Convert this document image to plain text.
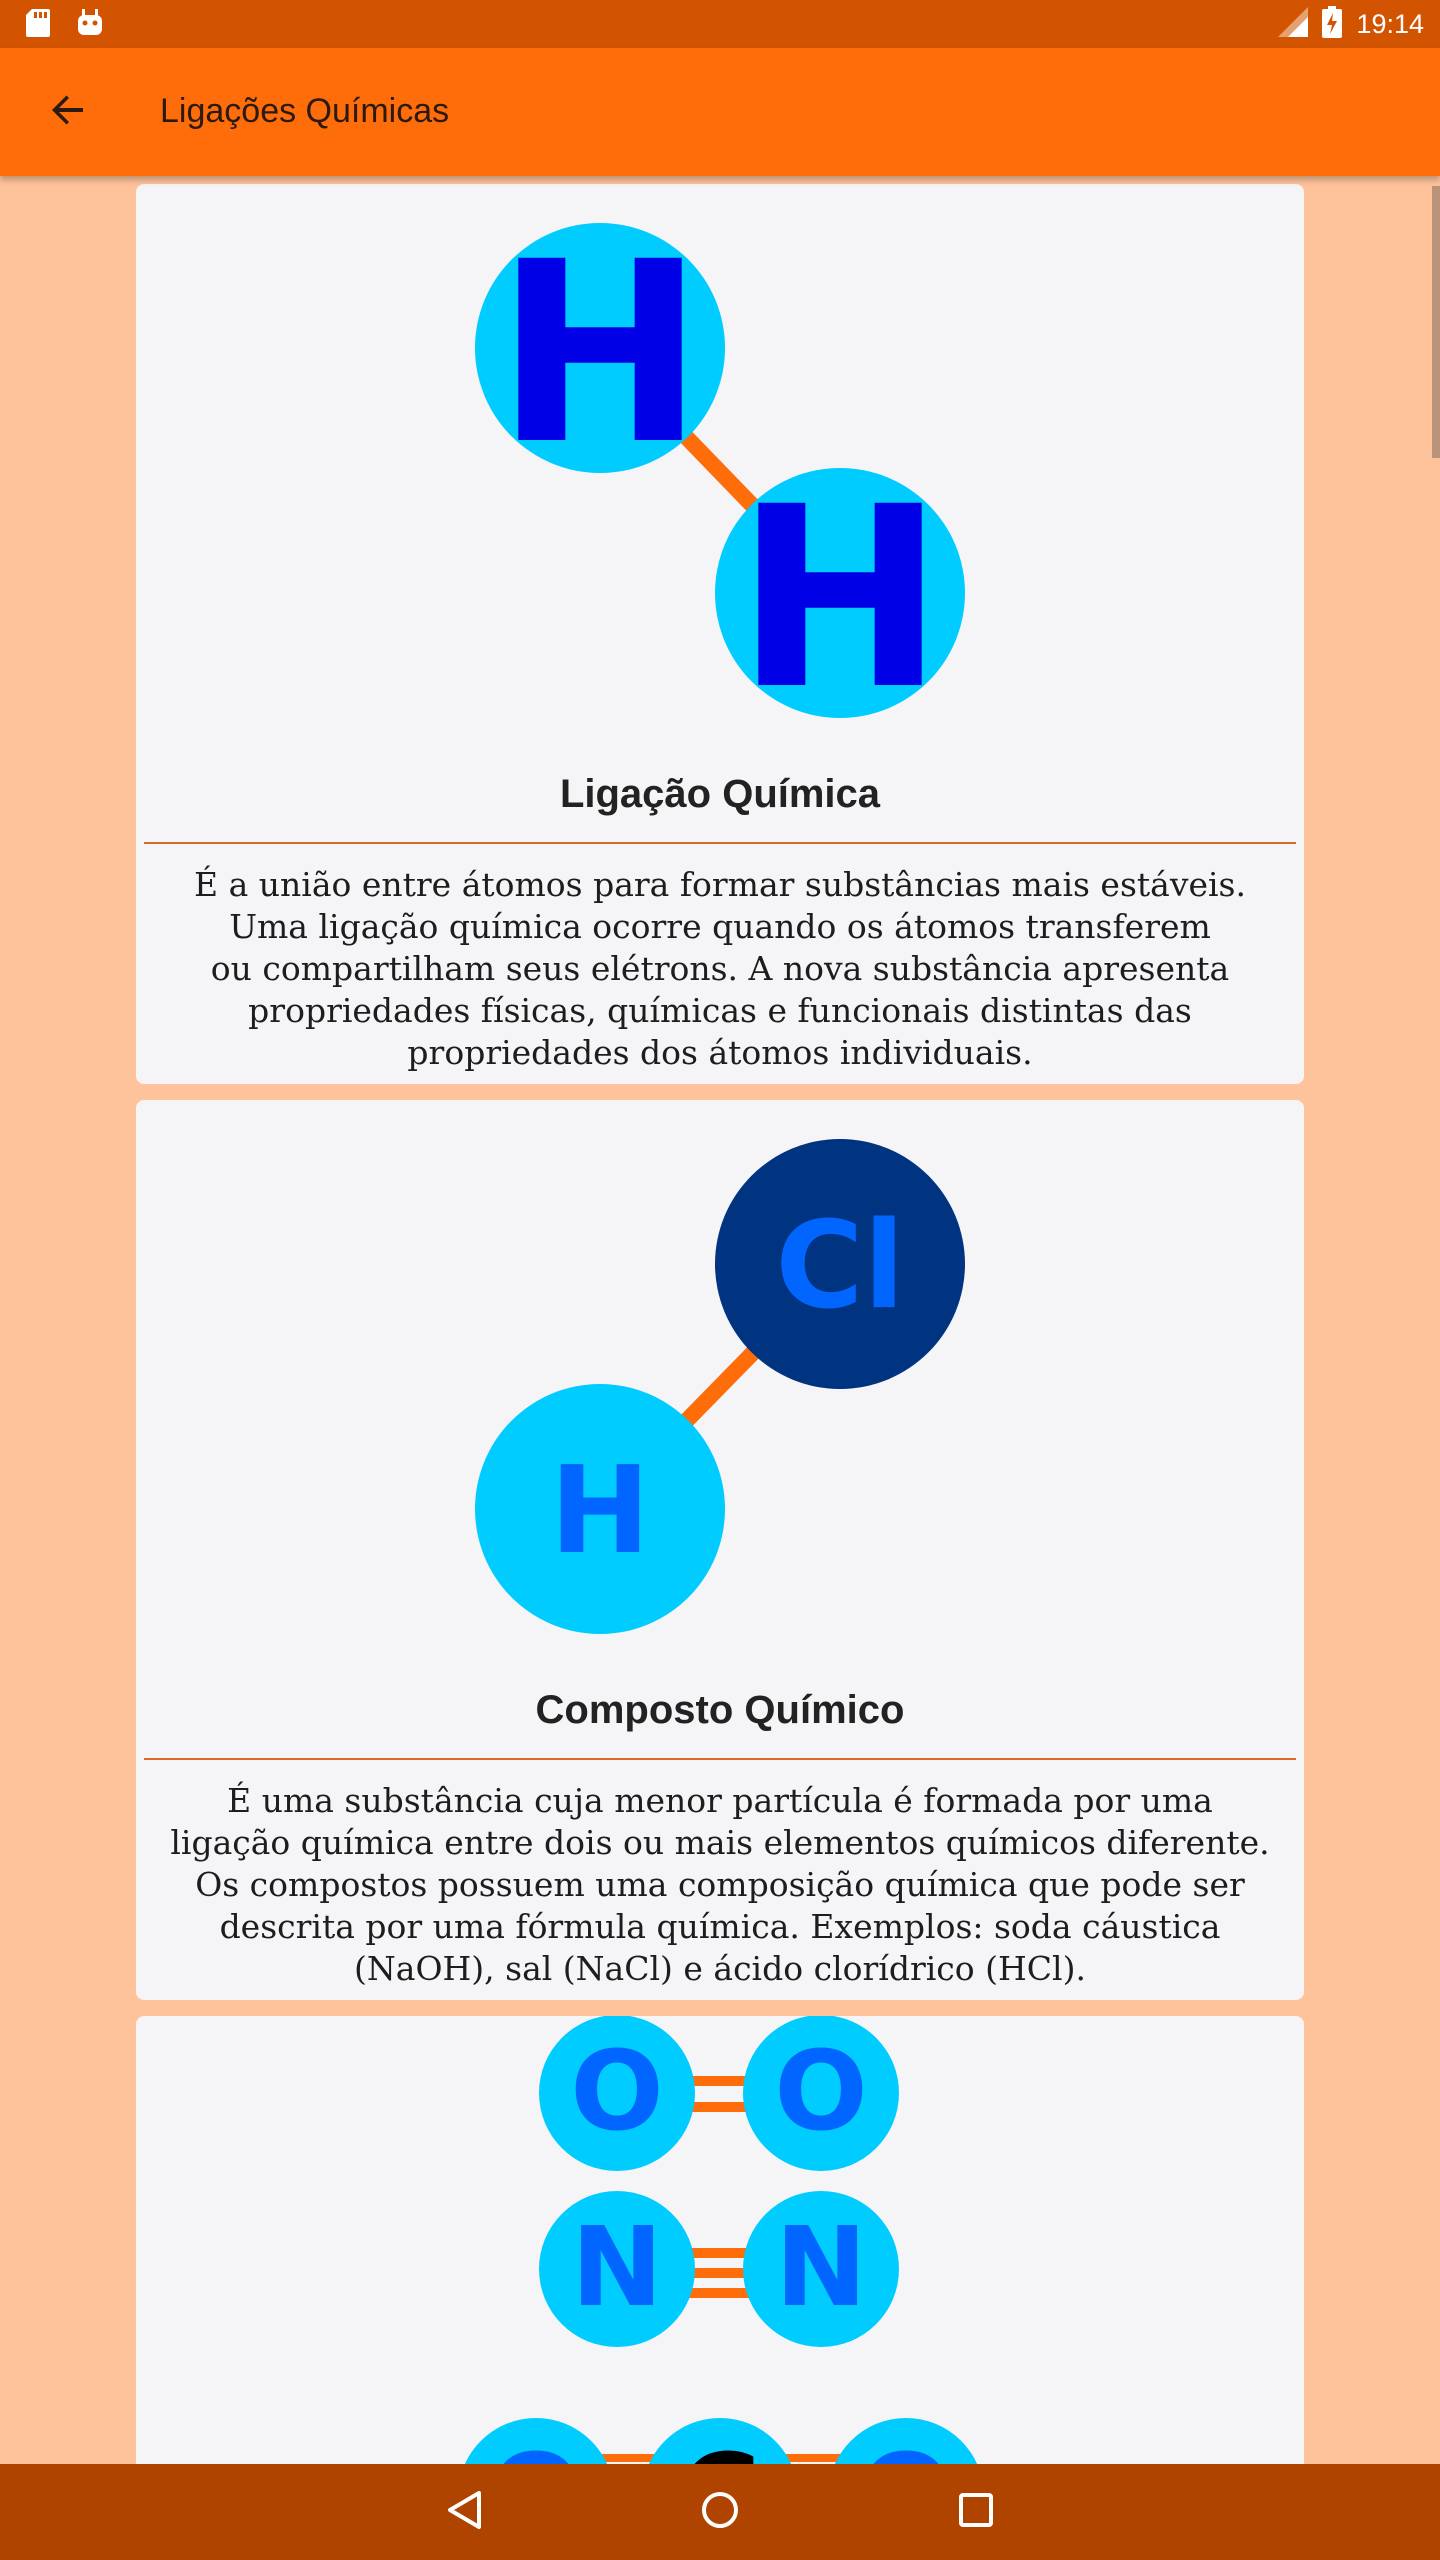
19:14
Ligações Químicas
H
H
Ligação Química
É a união entre átomos para formar substâncias mais estáveis.
Uma ligação química ocorre quando os átomos transferem
ou compartilham seus elétrons. A nova substância apresenta
propriedades físicas, químicas e funcionais distintas das
propriedades dos átomos individuais.
Cl
H
Composto Químico
É uma substância cuja menor partícula é formada por uma
ligação química entre dois ou mais elementos químicos diferente.
Os compostos possuem uma composição química que pode ser
descrita por uma fórmula química. Exemplos: soda cáustica
(NaOH), sal (NaCl) e ácido clorídrico (HCl).
O O
N N
